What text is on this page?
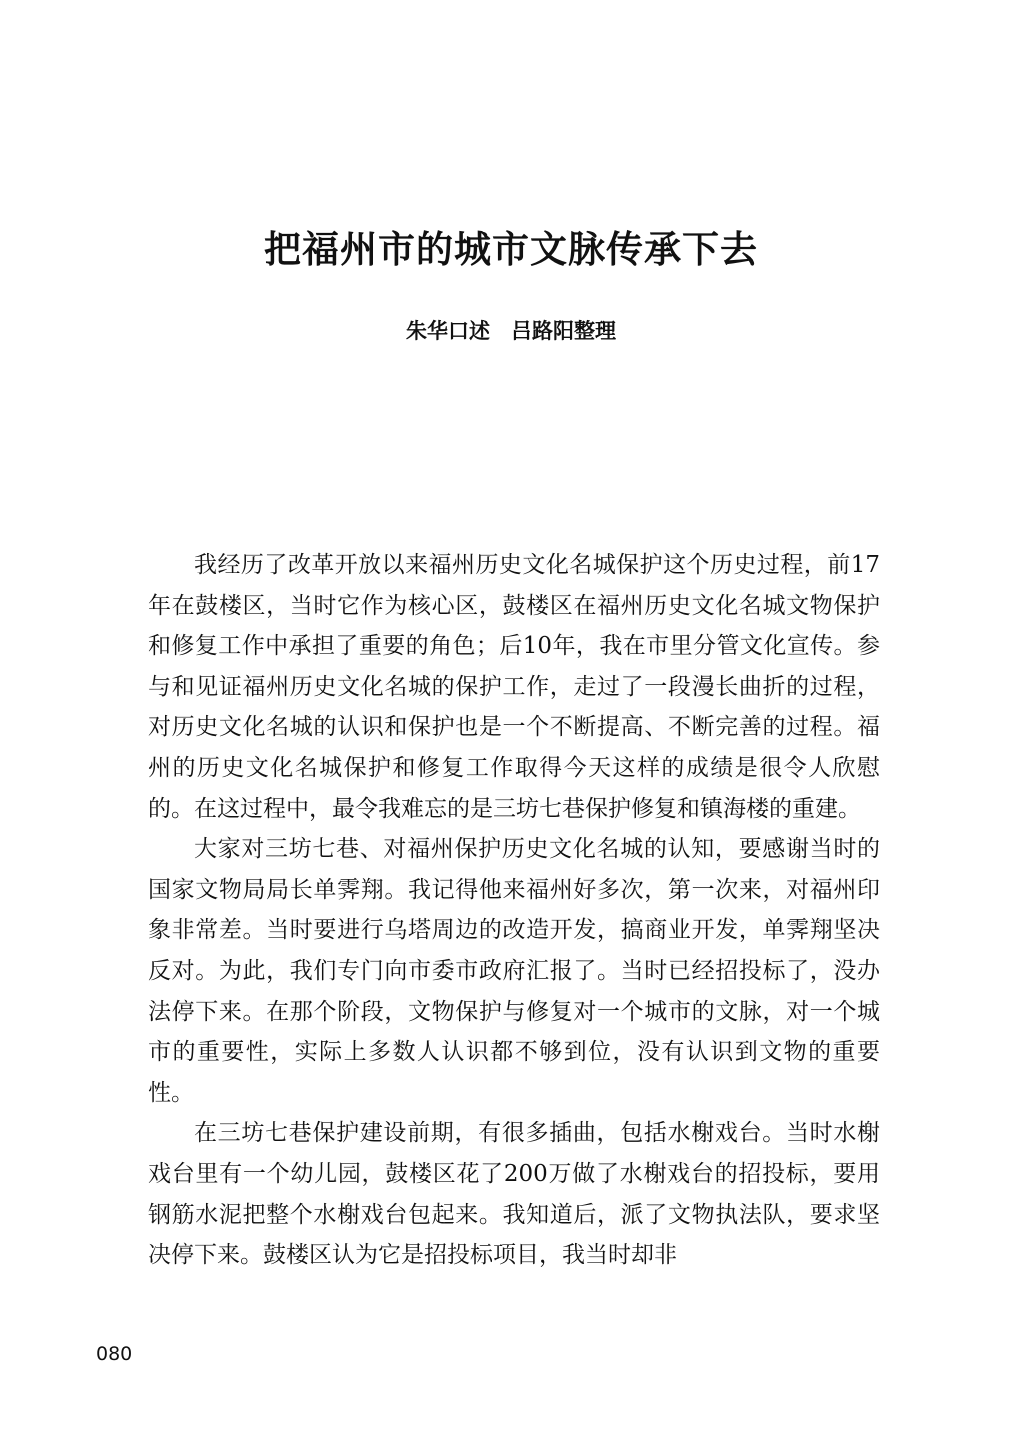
把福州市的城市文脉传承下去
朱华口述　吕路阳整理

我经历了改革开放以来福州历史文化名城保护这个历史过程，前17年在鼓楼区，当时它作为核心区，鼓楼区在福州历史文化名城文物保护和修复工作中承担了重要的角色；后10年，我在市里分管文化宣传。参与和见证福州历史文化名城的保护工作，走过了一段漫长曲折的过程，对历史文化名城的认识和保护也是一个不断提高、不断完善的过程。福州的历史文化名城保护和修复工作取得今天这样的成绩是很令人欣慰的。在这过程中，最令我难忘的是三坊七巷保护修复和镇海楼的重建。

大家对三坊七巷、对福州保护历史文化名城的认知，要感谢当时的国家文物局局长单霁翔。我记得他来福州好多次，第一次来，对福州印象非常差。当时要进行乌塔周边的改造开发，搞商业开发，单霁翔坚决反对。为此，我们专门向市委市政府汇报了。当时已经招投标了，没办法停下来。在那个阶段，文物保护与修复对一个城市的文脉，对一个城市的重要性，实际上多数人认识都不够到位，没有认识到文物的重要性。

在三坊七巷保护建设前期，有很多插曲，包括水榭戏台。当时水榭戏台里有一个幼儿园，鼓楼区花了200万做了水榭戏台的招投标，要用钢筋水泥把整个水榭戏台包起来。我知道后，派了文物执法队，要求坚决停下来。鼓楼区认为它是招投标项目，我当时却非

080
